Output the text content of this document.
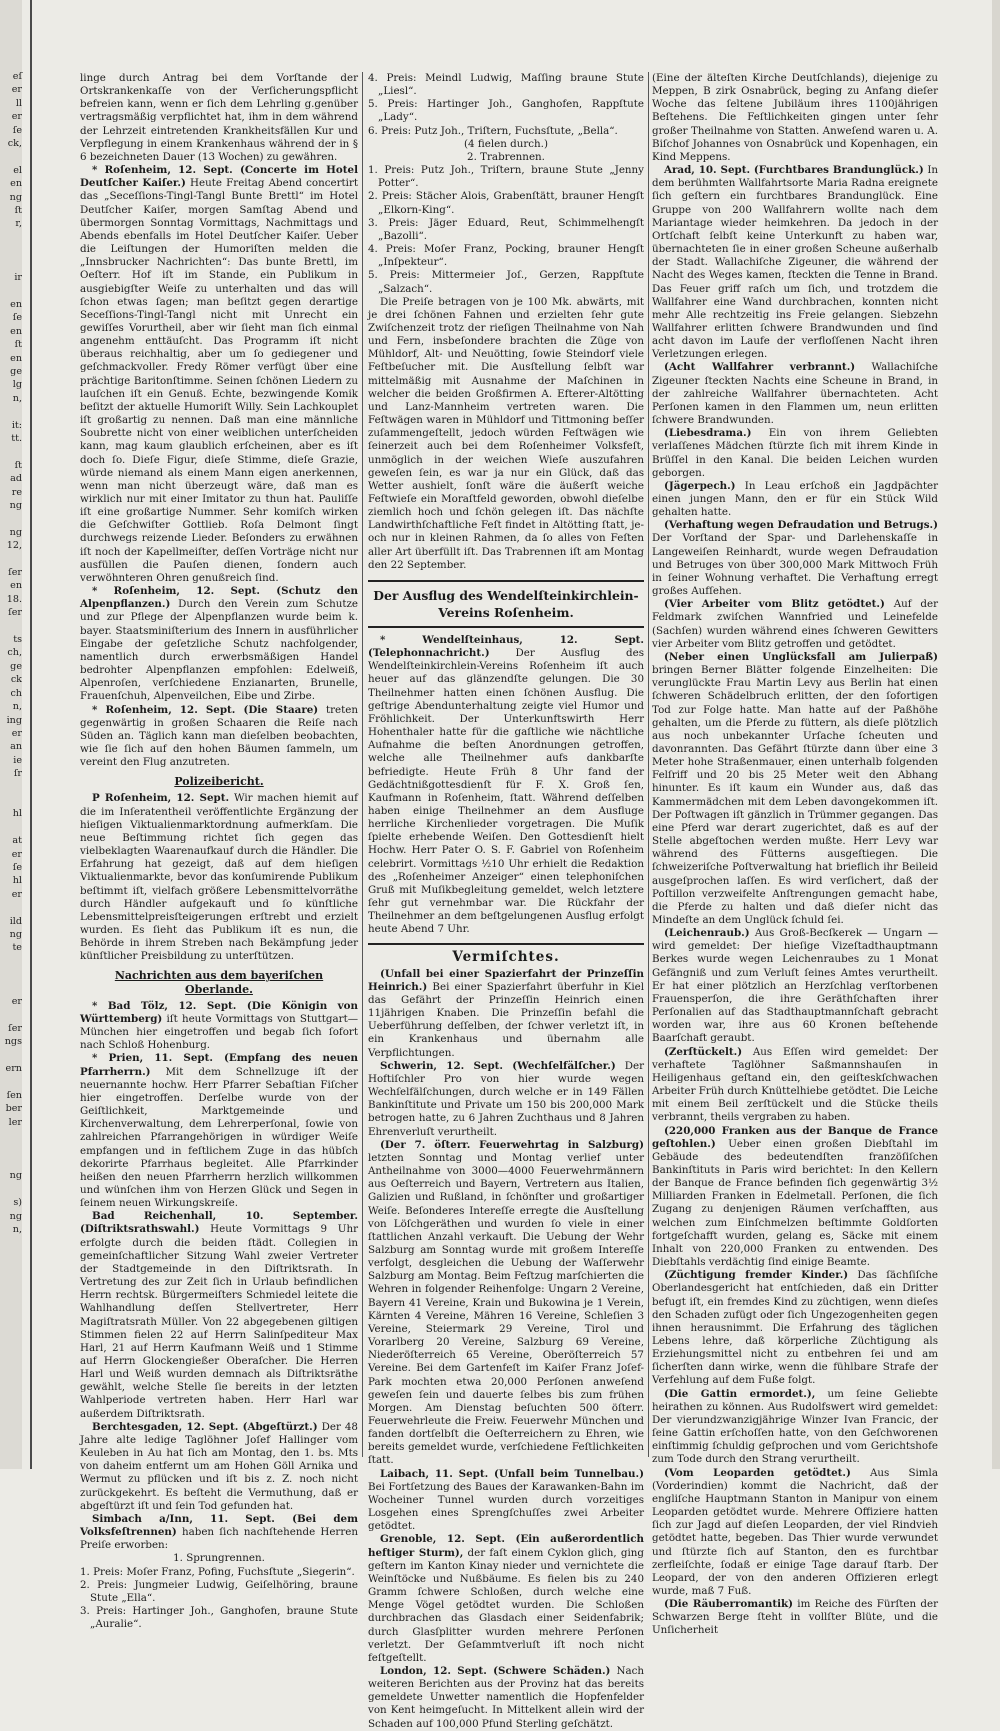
eſ
er
ll
er
ſe
ck,

el
en
ng
ſt
r,

ir

en
ſe
en
ſt
en
ge
lg
n,

it:
tt.

ſt
ad
re
ng

ng
12,

ſer
en
18.
ſer

ts
ch,
ge
ck
ch
n,
ing
er
an
ie
ſr

hl

at
er
ſe
hl
er

ild
ng
te

er

ſer
ngs

ern

ſen
ber
ler

ng

s)
ng
n,

linge durch Antrag bei dem Vorſtande der Ortskrankenkaſſe von der Verſicherungspflicht befreien kann, wenn er ſich dem Lehrling g.genüber vertragsmäßig verpflichtet hat, ihm in dem während der Lehrzeit eintretenden Krankheitsfällen Kur und Verpflegung in einem Krankenhaus während der in § 6 bezeichneten Dauer (13 Wochen) zu gewähren.

* Roſenheim, 12. Sept. (Concerte im Hotel Deutſcher Kaiſer.) Heute Freitag Abend concertirt das „Seceſſions-Tingl-Tangl Bunte Brettl“ im Hotel Deutſcher Kaiſer, morgen Samſtag Abend und übermorgen Sonntag Vormittags, Nachmittags und Abends ebenfalls im Hotel Deutſcher Kaiſer. Ueber die Leiſtungen der Humoriſten melden die „Innsbrucker Nachrichten“: Das bunte Brettl, im Oeſterr. Hof iſt im Stande, ein Publikum in ausgiebigſter Weiſe zu unterhalten und das will ſchon etwas ſagen; man beſitzt gegen derartige Seceſſions-Tingl-Tangl nicht mit Unrecht ein gewiſſes Vorurtheil, aber wir ſieht man ſich einmal angenehm enttäuſcht. Das Programm iſt nicht überaus reichhaltig, aber um ſo gediegener und geſchmackvoller. Fredy Römer verfügt über eine prächtige Baritonſtimme. Seinen ſchönen Liedern zu lauſchen iſt ein Genuß. Echte, bezwingende Komik beſitzt der aktuelle Humoriſt Willy. Sein Lachkouplet iſt großartig zu nennen. Daß man eine männliche Soubrette nicht von einer weiblichen unterſcheiden kann, mag kaum glaublich erſcheinen, aber es iſt doch ſo. Dieſe Figur, dieſe Stimme, dieſe Grazie, würde niemand als einem Mann eigen anerkennen, wenn man nicht überzeugt wäre, daß man es wirklich nur mit einer Imitator zu thun hat. Pauliſſe iſt eine großartige Nummer. Sehr komiſch wirken die Geſchwiſter Gottlieb. Roſa Delmont ſingt durchwegs reizende Lieder. Beſonders zu erwähnen iſt noch der Kapellmeiſter, deſſen Vorträge nicht nur ausfüllen die Pauſen dienen, ſondern auch verwöhnteren Ohren genußreich ſind.

* Roſenheim, 12. Sept. (Schutz den Alpenpflanzen.) Durch den Verein zum Schutze und zur Pflege der Alpenpflanzen wurde beim k. bayer. Staatsminiſterium des Innern in ausführlicher Eingabe der geſetzliche Schutz nachfolgender, namentlich durch erwerbsmäßigen Handel bedrohter Alpenpflanzen empfohlen: Edelweiß, Alpenroſen, verſchiedene Enzianarten, Brunelle, Frauenſchuh, Alpenveilchen, Eibe und Zirbe.

* Roſenheim, 12. Sept. (Die Staare) treten gegenwärtig in großen Schaaren die Reiſe nach Süden an. Täglich kann man dieſelben beobachten, wie ſie ſich auf den hohen Bäumen ſammeln, um vereint den Flug anzutreten.

Polizeibericht.

P Roſenheim, 12. Sept. Wir machen hiemit auf die im Inſeratentheil veröffentlichte Ergänzung der hieſigen Viktualienmarktordnung aufmerkſam. Die neue Beſtimmung richtet ſich gegen das vielbeklagten Waarenaufkauf durch die Händler. Die Erfahrung hat gezeigt, daß auf dem hieſigen Viktualienmarkte, bevor das konſumirende Publikum beſtimmt iſt, vielfach größere Lebensmittelvorräthe durch Händler aufgekauft und ſo künſtliche Lebensmittelpreisſteigerungen erſtrebt und erzielt wurden. Es ſieht das Publikum iſt es nun, die Behörde in ihrem Streben nach Bekämpfung jeder künſtlicher Preisbildung zu unterſtützen.

Nachrichten aus dem bayeriſchen Oberlande.

* Bad Tölz, 12. Sept. (Die Königin von Württemberg) iſt heute Vormittags von Stuttgart—München hier eingetroffen und begab ſich ſofort nach Schloß Hohenburg.

* Prien, 11. Sept. (Empfang des neuen Pfarrherrn.) Mit dem Schnellzuge iſt der neuernannte hochw. Herr Pfarrer Sebaſtian Fiſcher hier eingetroffen. Derſelbe wurde von der Geiſtlichkeit, Marktgemeinde und Kirchenverwaltung, dem Lehrerperſonal, ſowie von zahlreichen Pfarrangehörigen in würdiger Weiſe empfangen und in feſtlichem Zuge in das hübſch dekorirte Pfarrhaus begleitet. Alle Pfarrkinder heißen den neuen Pfarrherrn herzlich willkommen und wünſchen ihm von Herzen Glück und Segen in ſeinem neuen Wirkungskreiſe.

Bad Reichenhall, 10. September. (Diſtriktsrathswahl.) Heute Vormittags 9 Uhr erfolgte durch die beiden ſtädt. Collegien in gemeinſchaftlicher Sitzung Wahl zweier Vertreter der Stadtgemeinde in den Diſtriktsrath. In Vertretung des zur Zeit ſich in Urlaub befindlichen Herrn rechtsk. Bürgermeiſters Schmiedel leitete die Wahlhandlung deſſen Stellvertreter, Herr Magiſtratsrath Müller. Von 22 abgegebenen giltigen Stimmen fielen 22 auf Herrn Salinſpediteur Max Harl, 21 auf Herrn Kaufmann Weiß und 1 Stimme auf Herrn Glockengießer Oberaſcher. Die Herren Harl und Weiß wurden demnach als Diſtriktsräthe gewählt, welche Stelle ſie bereits in der letzten Wahlperiode vertreten haben. Herr Harl war außerdem Diſtriktsrath.

Berchtesgaden, 12. Sept. (Abgeſtürzt.) Der 48 Jahre alte ledige Taglöhner Joſef Hallinger vom Keuleben in Au hat ſich am Montag, den 1. bs. Mts von daheim entfernt um am Hohen Göll Arnika und Wermut zu pflücken und iſt bis z. Z. noch nicht zurückgekehrt. Es beſteht die Vermuthung, daß er abgeſtürzt iſt und ſein Tod gefunden hat.

Simbach a/Inn, 11. Sept. (Bei dem Volksfeſtrennen) haben ſich nachſtehende Herren Preiſe erworben:

1. Sprungrennen.
1. Preis: Moſer Franz, Pofing, Fuchsſtute „Siegerin“.
2. Preis: Jungmeier Ludwig, Geiſelhöring, braune Stute „Ella“.
3. Preis: Hartinger Joh., Ganghofen, braune Stute „Auralie“.
4. Preis: Meindl Ludwig, Maſſing braune Stute „Liesl“.
5. Preis: Hartinger Joh., Ganghofen, Rappſtute „Lady“.
6. Preis: Putz Joh., Triſtern, Fuchsſtute, „Bella“.
(4 fielen durch.)
2. Trabrennen.
1. Preis: Putz Joh., Triſtern, braune Stute „Jenny Potter“.
2. Preis: Stächer Alois, Grabenſtätt, brauner Hengſt „Elkorn-King“.
3. Preis: Jäger Eduard, Reut, Schimmelhengſt „Bazolli“.
4. Preis: Moſer Franz, Pocking, brauner Hengſt „Inſpekteur“.
5. Preis: Mittermeier Joſ., Gerzen, Rappſtute „Salzach“.

Die Preiſe betragen von je 100 Mk. abwärts, mit je drei ſchönen Fahnen und erzielten ſehr gute Zwiſchenzeit trotz der rieſigen Theilnahme von Nah und Fern, insbeſondere brachten die Züge von Mühldorf, Alt- und Neuötting, ſowie Steindorf viele Feſtbeſucher mit. Die Ausſtellung ſelbſt war mittelmäßig mit Ausnahme der Maſchinen in welcher die beiden Großfirmen A. Efterer-Altötting und Lanz-Mannheim vertreten waren. Die Feſtwägen waren in Mühldorf und Tittmoning beſſer zuſammengeſtellt, jedoch würden Feſtwägen wie ſeinerzeit auch bei dem Roſenheimer Volksfeſt, unmöglich in der weichen Wieſe auszufahren geweſen ſein, es war ja nur ein Glück, daß das Wetter aushielt, ſonſt wäre die äußerſt weiche Feſtwieſe ein Moraſtfeld geworden, obwohl dieſelbe ziemlich hoch und ſchön gelegen iſt. Das nächſte Landwirthſchaftliche Feſt findet in Altötting ſtatt, je-och nur in kleinen Rahmen, da ſo alles von Feſten aller Art überfüllt iſt. Das Trabrennen iſt am Montag den 22 September.

Der Ausflug des Wendelſteinkirchlein-Vereins Roſenheim.

* Wendelſteinhaus, 12. Sept. (Telephonnachricht.)	Der Ausflug des Wendelſteinkirchlein-Vereins Roſenheim iſt auch heuer auf das glänzendſte gelungen. Die 30 Theilnehmer hatten einen ſchönen Ausflug. Die geſtrige Abendunterhaltung zeigte viel Humor und Fröhlichkeit. Der Unterkunftswirth Herr Hohenthaler hatte für die gaſtliche wie nächtliche Aufnahme die beſten Anordnungen getroffen, welche alle Theilnehmer aufs dankbarſte befriedigte. Heute Früh 8 Uhr fand der Gedächtnißgottesdienſt für F. X. Groß ſen, Kaufmann in Roſenheim, ſtatt. Während deſſelben haben einige Theilnehmer an dem Ausfluge herrliche Kirchenlieder vorgetragen. Die Muſik ſpielte erhebende Weiſen. Den Gottesdienſt hielt Hochw. Herr Pater O. S. F. Gabriel von Roſenheim celebrirt. Vormittags ½10 Uhr erhielt die Redaktion des „Roſenheimer Anzeiger“ einen telephoniſchen Gruß mit Muſikbegleitung gemeldet, welch letztere ſehr gut vernehmbar war. Die Rückfahr der Theilnehmer an dem beſtgelungenen Ausflug erfolgt heute Abend 7 Uhr.

Vermiſchtes.

(Unfall bei einer Spazierfahrt der Prinzeſſin Heinrich.) Bei einer Spazierfahrt überfuhr in Kiel das Gefährt der Prinzeſſin Heinrich einen 11jährigen Knaben. Die Prinzeſſin befahl die Ueberführung deſſelben, der ſchwer verletzt iſt, in ein Krankenhaus und übernahm alle Verpflichtungen.

Schwerin, 12. Sept. (Wechſelfälſcher.) Der Hoftiſchler Pro von hier wurde wegen Wechſelfälſchungen, durch welche er in 149 Fällen Bankinſtitute und Private um 150 bis 200,000 Mark betrogen hatte, zu 6 Jahren Zuchthaus und 8 Jahren Ehrenverluſt verurtheilt.

(Der 7. öſterr. Feuerwehrtag in Salzburg) letzten Sonntag und Montag verlief unter Antheilnahme von 3000—4000 Feuerwehrmännern aus Oeſterreich und Bayern, Vertretern aus Italien, Galizien und Rußland, in ſchönſter und großartiger Weiſe. Beſonderes Intereſſe erregte die Ausſtellung von Löſchgeräthen und wurden ſo viele in einer ſtattlichen Anzahl verkauft. Die Uebung der Wehr Salzburg am Sonntag wurde mit großem Intereſſe verfolgt, desgleichen die Uebung der Waſſerwehr Salzburg am Montag. Beim Feſtzug marſchierten die Wehren in folgender Reihenfolge: Ungarn 2 Vereine, Bayern 41 Vereine, Krain und Bukowina je 1 Verein, Kärnten 4 Vereine, Mähren 16 Vereine, Schleſien 3 Vereine, Steiermark 29 Vereine, Tirol und Vorarlberg 20 Vereine, Salzburg 69 Vereine, Niederöſterreich 65 Vereine, Oberöſterreich 57 Vereine. Bei dem Gartenfeſt im Kaiſer Franz Joſef-Park mochten etwa 20,000 Perſonen anweſend geweſen ſein und dauerte ſelbes bis zum frühen Morgen. Am Dienstag beſuchten 500 öſterr. Feuerwehrleute die Freiw. Feuerwehr München und fanden dortſelbſt die Oeſterreichern zu Ehren, wie bereits gemeldet wurde, verſchiedene Feſtlichkeiten ſtatt.

Laibach, 11. Sept. (Unfall beim Tunnelbau.) Bei Fortſetzung des Baues der Karawanken-Bahn im Wocheiner Tunnel wurden durch vorzeitiges Losgehen eines Sprengſchuſſes zwei Arbeiter getödtet.

Grenoble, 12. Sept. (Ein außerordentlich heftiger Sturm), der faſt einem Cyklon glich, ging geſtern im Kanton Kinay nieder und vernichtete die Weinſtöcke und Nußbäume. Es fielen bis zu 240 Gramm ſchwere Schloßen, durch welche eine Menge Vögel getödtet wurden. Die Schloßen durchbrachen das Glasdach einer Seidenfabrik; durch Glasſplitter wurden mehrere Perſonen verletzt. Der Geſammtverluſt iſt noch nicht feſtgeſtellt.

London, 12. Sept. (Schwere Schäden.) Nach weiteren Berichten aus der Provinz hat das bereits gemeldete Unwetter namentlich die Hopfenfelder von Kent heimgeſucht. In Mittelkent allein wird der Schaden auf 100,000 Pfund Sterling geſchätzt.

(Eine der älteſten Kirche Deutſchlands), diejenige zu Meppen, B zirk Osnabrück, beging zu Anfang dieſer Woche das ſeltene Jubiläum ihres 1100jährigen Beſtehens. Die Feſtlichkeiten gingen unter ſehr großer Theilnahme von Statten. Anweſend waren u. A. Biſchof Johannes von Osnabrück und Kopenhagen, ein Kind Meppens.

Arad, 10. Sept. (Furchtbares Brandunglück.) In dem berühmten Wallfahrtsorte Maria Radna ereignete ſich geſtern ein furchtbares Brandunglück. Eine Gruppe von 200 Wallfahrern wollte nach dem Mariantage wieder heimkehren. Da jedoch in der Ortſchaft ſelbſt keine Unterkunft zu haben war, übernachteten ſie in einer großen Scheune außerhalb der Stadt. Wallachiſche Zigeuner, die während der Nacht des Weges kamen, ſteckten die Tenne in Brand. Das Feuer griff raſch um ſich, und trotzdem die Wallfahrer eine Wand durchbrachen, konnten nicht mehr Alle rechtzeitig ins Freie gelangen. Siebzehn Wallfahrer erlitten ſchwere Brandwunden und ſind acht davon im Laufe der verfloſſenen Nacht ihren Verletzungen erlegen.

(Acht Wallfahrer verbrannt.) Wallachiſche Zigeuner ſteckten Nachts eine Scheune in Brand, in der zahlreiche Wallfahrer übernachteten. Acht Perſonen kamen in den Flammen um, neun erlitten ſchwere Brandwunden.

(Liebesdrama.) Ein von ihrem Geliebten verlaſſenes Mädchen ſtürzte ſich mit ihrem Kinde in Brüſſel in den Kanal. Die beiden Leichen wurden geborgen.

(Jägerpech.) In Leau erſchoß ein Jagdpächter einen jungen Mann, den er für ein Stück Wild gehalten hatte.

(Verhaftung wegen Defraudation und Betrugs.) Der Vorſtand der Spar- und Darlehenskaſſe in Langeweiſen Reinhardt, wurde wegen Defraudation und Betruges von über 300,000 Mark Mittwoch Früh in ſeiner Wohnung verhaftet. Die Verhaftung erregt großes Aufſehen.

(Vier Arbeiter vom Blitz getödtet.) Auf der Feldmark zwiſchen Wannfried und Leinefelde (Sachſen) wurden während eines ſchweren Gewitters vier Arbeiter vom Blitz getroffen und getödtet.

(Neber einen Unglücksfall am Julierpaß) bringen Berner Blätter folgende Einzelheiten: Die verunglückte Frau Martin Levy aus Berlin hat einen ſchweren Schädelbruch erlitten, der den ſofortigen Tod zur Folge hatte. Man hatte auf der Paßhöhe gehalten, um die Pferde zu füttern, als dieſe plötzlich aus noch unbekannter Urſache ſcheuten und davonrannten. Das Gefährt ſtürzte dann über eine 3 Meter hohe Straßenmauer, einen unterhalb folgenden Felſriff und 20 bis 25 Meter weit den Abhang hinunter. Es iſt kaum ein Wunder aus, daß das Kammermädchen mit dem Leben davongekommen iſt. Der Poſtwagen iſt gänzlich in Trümmer gegangen. Das eine Pferd war derart zugerichtet, daß es auf der Stelle abgeſtochen werden mußte. Herr Levy war während des Fütterns ausgeſtiegen. Die ſchweizeriſche Poſtverwaltung hat brieflich ihr Beileid ausgeſprochen laſſen. Es wird verſichert, daß der Poſtillon verzweifelte Anſtrengungen gemacht habe, die Pferde zu halten und daß dieſer nicht das Mindeſte an dem Unglück ſchuld ſei.

(Leichenraub.) Aus Groß-Becſkerek — Ungarn — wird gemeldet: Der hieſige Vizeſtadthauptmann Berkes wurde wegen Leichenraubes zu 1 Monat Gefängniß und zum Verluſt ſeines Amtes verurtheilt. Er hat einer plötzlich an Herzſchlag verſtorbenen Frauensperſon, die ihre Geräthſchaften ihrer Perſonalien auf das Stadthauptmannſchaft gebracht worden war, ihre aus 60 Kronen beſtehende Baarſchaft geraubt.

(Zerſtückelt.) Aus Eſſen wird gemeldet: Der verhaftete Taglöhner Saßmannshauſen in Heiligenhaus geſtand ein, den geiſteskſchwachen Arbeiter Früh durch Knüttelhiebe getödtet. Die Leiche mit einem Beil zerſtückelt und die Stücke theils verbrannt, theils vergraben zu haben.

(220,000 Franken aus der Banque de France geſtohlen.) Ueber einen großen Diebſtahl im Gebäude des bedeutendſten franzöſiſchen Bankinſtituts in Paris wird berichtet: In den Kellern der Banque de France befinden ſich gegenwärtig 3½ Milliarden Franken in Edelmetall. Perſonen, die ſich Zugang zu denjenigen Räumen verſchafften, aus welchen zum Einſchmelzen beſtimmte Goldſorten fortgeſchafft wurden, gelang es, Säcke mit einem Inhalt von 220,000 Franken zu entwenden. Des Diebſtahls verdächtig ſind einige Beamte.

(Züchtigung fremder Kinder.) Das ſächſiſche Oberlandesgericht hat entſchieden, daß ein Dritter befugt iſt, ein fremdes Kind zu züchtigen, wenn dieſes den Schaden zufügt oder ſich Ungezogenheiten gegen ihnen herausnimmt. Die Erfahrung des täglichen Lebens lehre, daß körperliche Züchtigung als Erziehungsmittel nicht zu entbehren ſei und am ſicherſten dann wirke, wenn die fühlbare Strafe der Verfehlung auf dem Fuße folgt.

(Die Gattin ermordet.), um ſeine Geliebte heirathen zu können. Aus Rudolfswert wird gemeldet: Der vierundzwanzigjährige Winzer Ivan Francic, der ſeine Gattin erſchoſſen hatte, von den Geſchworenen einſtimmig ſchuldig geſprochen und vom Gerichtshofe zum Tode durch den Strang verurtheilt.

(Vom Leoparden getödtet.) Aus Simla (Vorderindien) kommt die Nachricht, daß der engliſche Hauptmann Stanton in Manipur von einem Leoparden getödtet wurde. Mehrere Offiziere hatten ſich zur Jagd auf dieſen Leoparden, der viel Rindvieh getödtet hatte, begeben. Das Thier wurde verwundet und ſtürzte ſich auf Stanton, den es furchtbar zerfleiſchte, ſodaß er einige Tage darauf ſtarb. Der Leopard, der von den anderen Offizieren erlegt wurde, maß 7 Fuß.

(Die Räuberromantik) im Reiche des Fürſten der Schwarzen Berge ſteht in vollſter Blüte, und die Unſicherheit
